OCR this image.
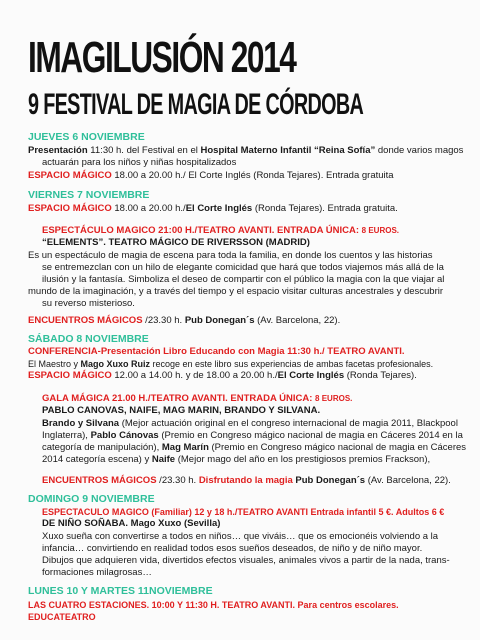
IMAGILUSIÓN 2014
9 FESTIVAL DE MAGIA DE CÓRDOBA
JUEVES 6 NOVIEMBRE
Presentación 11:30 h. del Festival en el Hospital Materno Infantil “Reina Sofía” donde varios magos
actuarán para los niños y niñas hospitalizados
ESPACIO MÁGICO 18.00 a 20.00 h./ El Corte Inglés (Ronda Tejares). Entrada gratuita
VIERNES 7 NOVIEMBRE
ESPACIO MÁGICO 18.00 a 20.00 h./El Corte Inglés (Ronda Tejares). Entrada gratuita.
ESPECTÁCULO MAGICO 21:00 H./TEATRO AVANTI. ENTRADA ÚNICA: 8 EUROS.
“ELEMENTS”. TEATRO MÁGICO DE RIVERSSON (MADRID)
Es un espectáculo de magia de escena para toda la familia, en donde los cuentos y las historias
se entremezclan con un hilo de elegante comicidad que hará que todos viajemos más allá de la
ilusión y la fantasía. Simboliza el deseo de compartir con el público la magia con la que viajar al
mundo de la imaginación, y a través del tiempo y el espacio visitar culturas ancestrales y descubrir
su reverso misterioso.
ENCUENTROS MÁGICOS /23.30 h. Pub Donegan´s (Av. Barcelona, 22).
SÁBADO 8 NOVIEMBRE
CONFERENCIA-Presentación Libro Educando con Magia 11:30 h./ TEATRO AVANTI.
El Maestro y Mago Xuxo Ruiz recoge en este libro sus experiencias de ambas facetas profesionales.
ESPACIO MÁGICO 12.00 a 14.00 h. y de 18.00 a 20.00 h./El Corte Inglés (Ronda Tejares).
GALA MÁGICA 21.00 H./TEATRO AVANTI. ENTRADA ÚNICA: 8 EUROS.
PABLO CANOVAS, NAIFE, MAG MARIN, BRANDO Y SILVANA.
Brando y Silvana (Mejor actuación original en el congreso internacional de magia 2011, Blackpool
Inglaterra), Pablo Cánovas (Premio en Congreso mágico nacional de magia en Cáceres 2014 en la
categoría de manipulación), Mag Marín (Premio en Congreso mágico nacional de magia en Cáceres
2014 categoría escena) y Naife (Mejor mago del año en los prestigiosos premios Frackson),
ENCUENTROS MÁGICOS /23.30 h. Disfrutando la magia Pub Donegan´s (Av. Barcelona, 22).
DOMINGO 9 NOVIEMBRE
ESPECTACULO MAGICO (Familiar) 12 y 18 h./TEATRO AVANTI Entrada infantil 5 €. Adultos 6 €
DE NIÑO SOÑABA. Mago Xuxo (Sevilla)
Xuxo sueña con convertirse a todos en niños… que viváis… que os emocionéis volviendo a la
infancia… convirtiendo en realidad todos esos sueños deseados, de niño y de niño mayor.
Dibujos que adquieren vida, divertidos efectos visuales, animales vivos a partir de la nada, trans-
formaciones milagrosas…
LUNES 10 Y MARTES 11NOVIEMBRE
LAS CUATRO ESTACIONES. 10:00 Y 11:30 H. TEATRO AVANTI. Para centros escolares.
EDUCATEATRO
